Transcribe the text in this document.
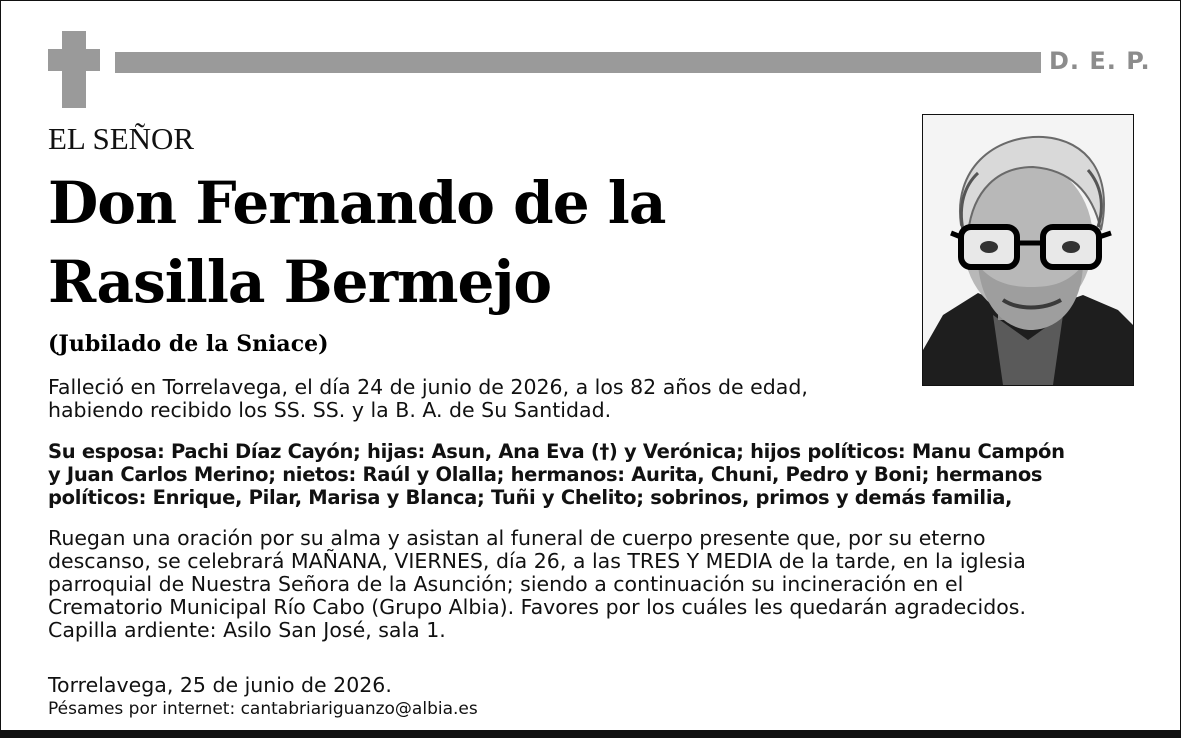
D. E. P.
EL SEÑOR
Don Fernando de la
Rasilla Bermejo
(Jubilado de la Sniace)
Falleció en Torrelavega, el día 24 de junio de 2026, a los 82 años de edad,
habiendo recibido los SS. SS. y la B. A. de Su Santidad.
Su esposa: Pachi Díaz Cayón; hijas: Asun, Ana Eva (†) y Verónica; hijos políticos: Manu Campón
y Juan Carlos Merino; nietos: Raúl y Olalla; hermanos: Aurita, Chuni, Pedro y Boni; hermanos
políticos: Enrique, Pilar, Marisa y Blanca; Tuñi y Chelito; sobrinos, primos y demás familia,
Ruegan una oración por su alma y asistan al funeral de cuerpo presente que, por su eterno
descanso, se celebrará MAÑANA, VIERNES, día 26, a las TRES Y MEDIA de la tarde, en la iglesia
parroquial de Nuestra Señora de la Asunción; siendo a continuación su incineración en el
Crematorio Municipal Río Cabo (Grupo Albia). Favores por los cuáles les quedarán agradecidos.
Capilla ardiente: Asilo San José, sala 1.
Torrelavega, 25 de junio de 2026.
Pésames por internet: cantabriariguanzo@albia.es
